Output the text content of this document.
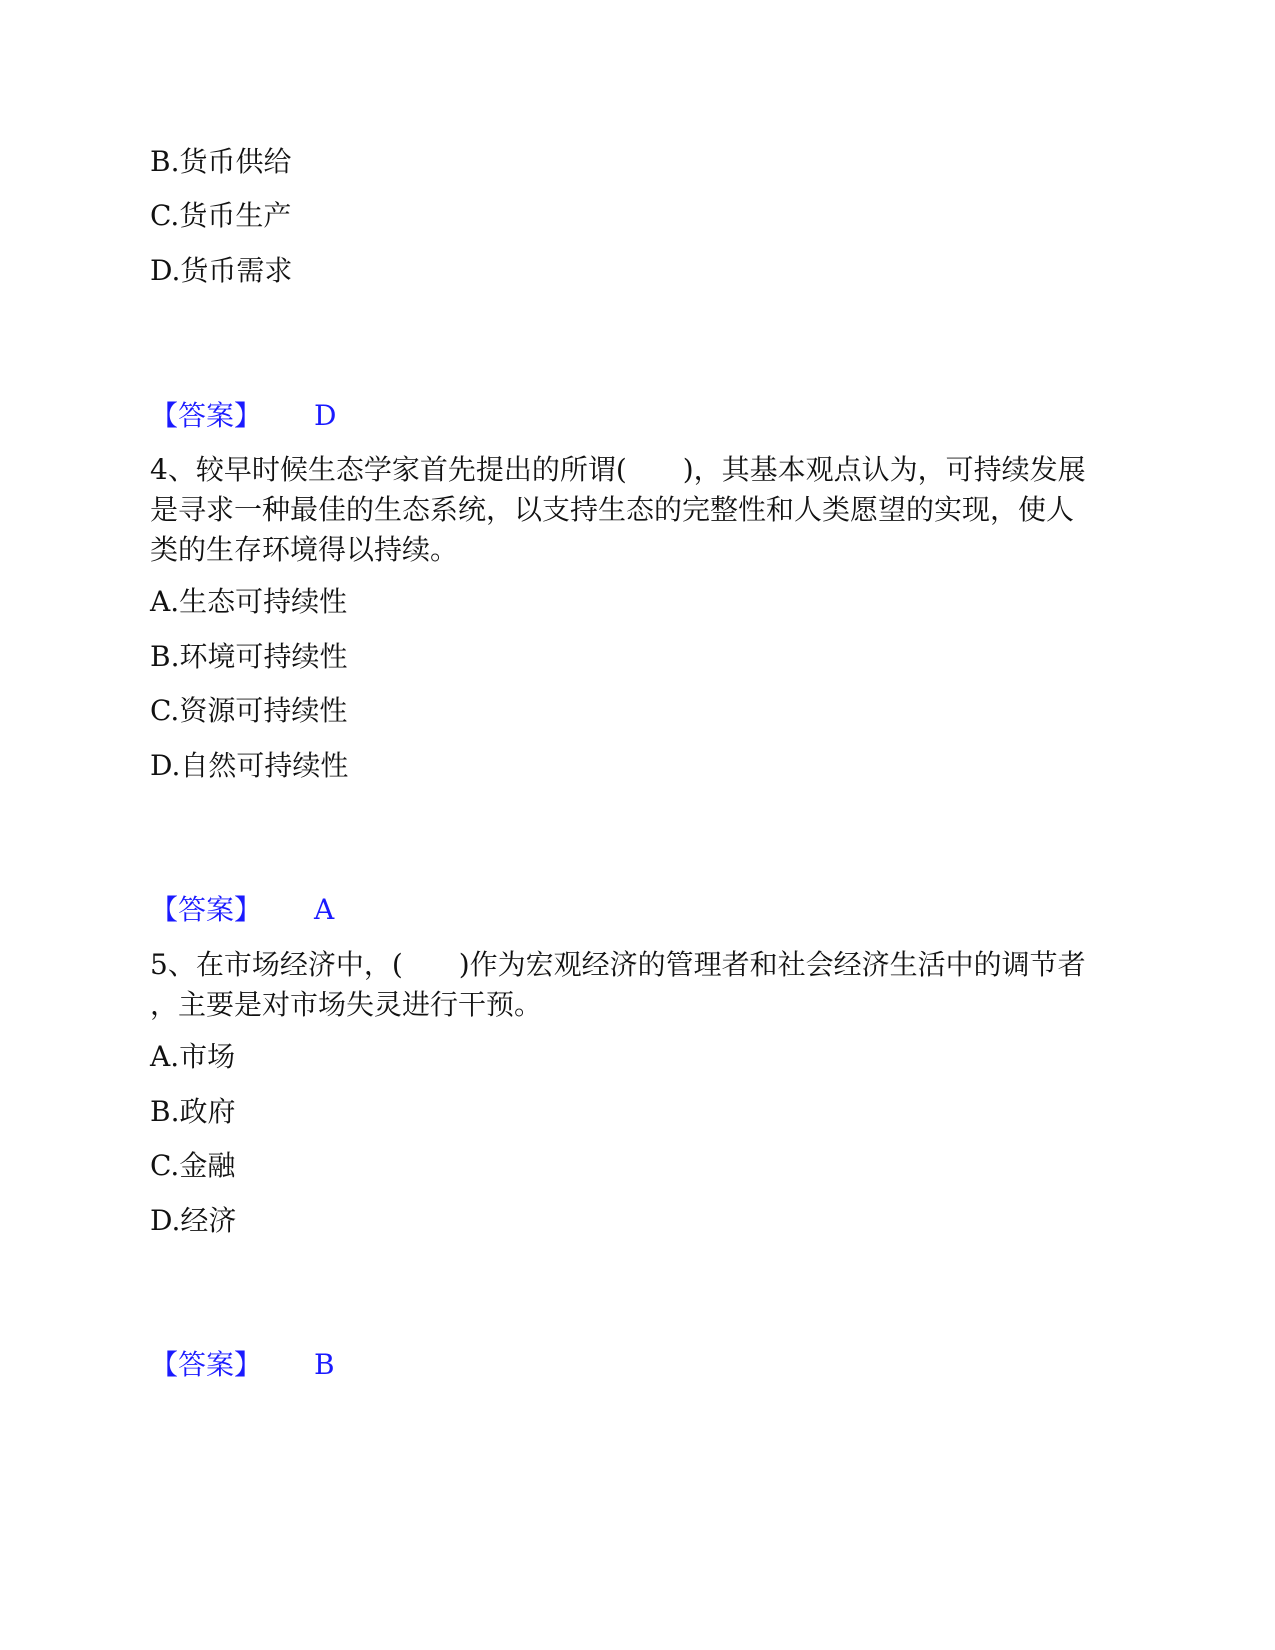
B.货币供给
C.货币生产
D.货币需求
【答案】 D
4、较早时候生态学家首先提出的所谓(　　)，其基本观点认为，可持续发展
是寻求一种最佳的生态系统，以支持生态的完整性和人类愿望的实现，使人
类的生存环境得以持续。
A.生态可持续性
B.环境可持续性
C.资源可持续性
D.自然可持续性
【答案】 A
5、在市场经济中，(　　)作为宏观经济的管理者和社会经济生活中的调节者
，主要是对市场失灵进行干预。
A.市场
B.政府
C.金融
D.经济
【答案】 B
